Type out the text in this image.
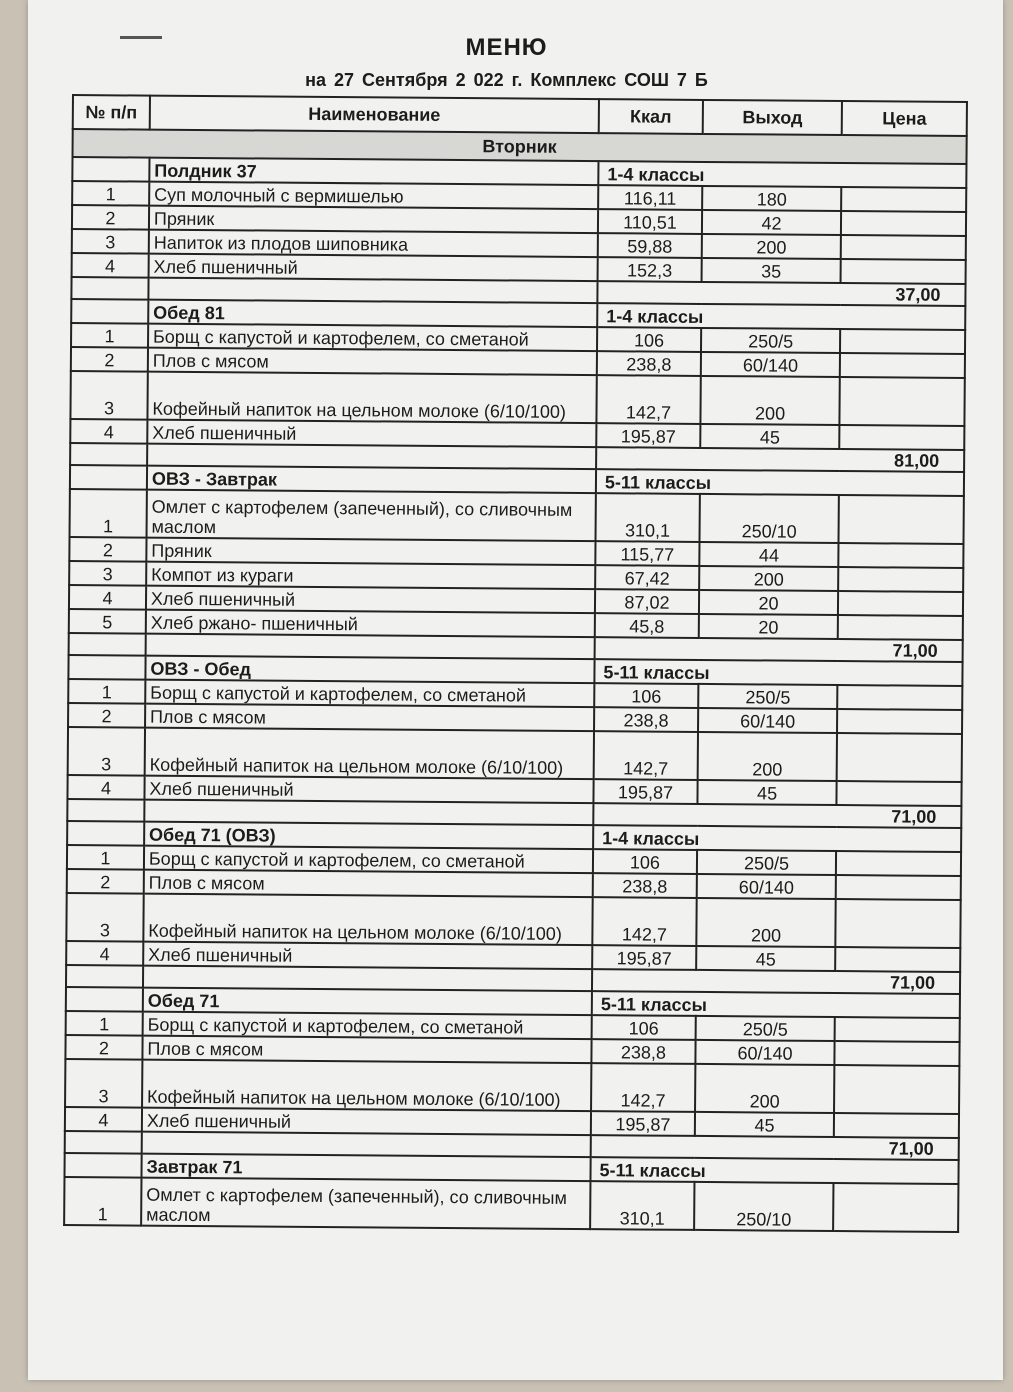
МЕНЮ
на 27 Сентября 2 022 г. Комплекс СОШ 7 Б
№ п/п	Наименование	Ккал	Выход	Цена
Вторник				
	Полдник 37	1-4 классы		
1	Суп молочный с вермишелью	116,11	180	
2	Пряник	110,51	42	
3	Напиток из плодов шиповника	59,88	200	
4	Хлеб пшеничный	152,3	35	
		37,00		
	Обед 81	1-4 классы		
1	Борщ с капустой и картофелем, со сметаной	106	250/5	
2	Плов с мясом	238,8	60/140	
3	Кофейный напиток на цельном молоке (6/10/100)	142,7	200	
4	Хлеб пшеничный	195,87	45	
		81,00		
	ОВЗ - Завтрак	5-11 классы		
1	Омлет с картофелем (запеченный), со сливочным маслом	310,1	250/10	
2	Пряник	115,77	44	
3	Компот из кураги	67,42	200	
4	Хлеб пшеничный	87,02	20	
5	Хлеб ржано- пшеничный	45,8	20	
		71,00		
	ОВЗ - Обед	5-11 классы		
1	Борщ с капустой и картофелем, со сметаной	106	250/5	
2	Плов с мясом	238,8	60/140	
3	Кофейный напиток на цельном молоке (6/10/100)	142,7	200	
4	Хлеб пшеничный	195,87	45	
		71,00		
	Обед 71 (ОВЗ)	1-4 классы		
1	Борщ с капустой и картофелем, со сметаной	106	250/5	
2	Плов с мясом	238,8	60/140	
3	Кофейный напиток на цельном молоке (6/10/100)	142,7	200	
4	Хлеб пшеничный	195,87	45	
		71,00		
	Обед 71	5-11 классы		
1	Борщ с капустой и картофелем, со сметаной	106	250/5	
2	Плов с мясом	238,8	60/140	
3	Кофейный напиток на цельном молоке (6/10/100)	142,7	200	
4	Хлеб пшеничный	195,87	45	
		71,00		
	Завтрак 71	5-11 классы		
1	Омлет с картофелем (запеченный), со сливочным маслом	310,1	250/10	
